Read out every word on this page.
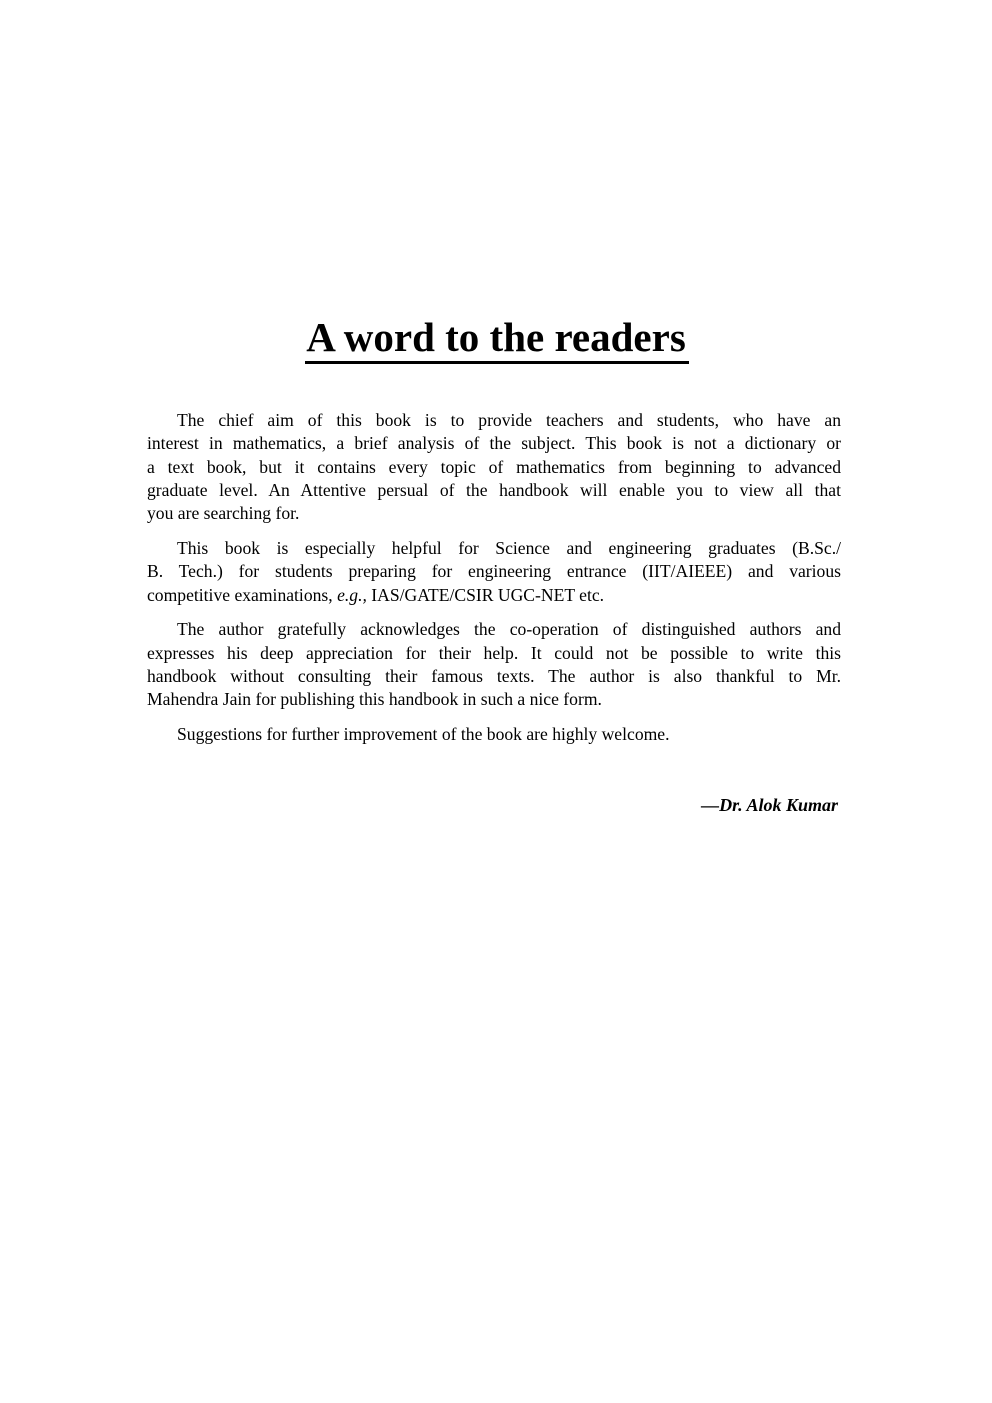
A word to the readers
The chief aim of this book is to provide teachers and students, who have an
interest in mathematics, a brief analysis of the subject. This book is not a dictionary or
a text book, but it contains every topic of mathematics from beginning to advanced
graduate level. An Attentive persual of the handbook will enable you to view all that
you are searching for.
This book is especially helpful for Science and engineering graduates (B.Sc./
B. Tech.) for students preparing for engineering entrance (IIT/AIEEE) and various
competitive examinations, e.g., IAS/GATE/CSIR UGC-NET etc.
The author gratefully acknowledges the co-operation of distinguished authors and
expresses his deep appreciation for their help. It could not be possible to write this
handbook without consulting their famous texts. The author is also thankful to Mr.
Mahendra Jain for publishing this handbook in such a nice form.
Suggestions for further improvement of the book are highly welcome.
—Dr. Alok Kumar
